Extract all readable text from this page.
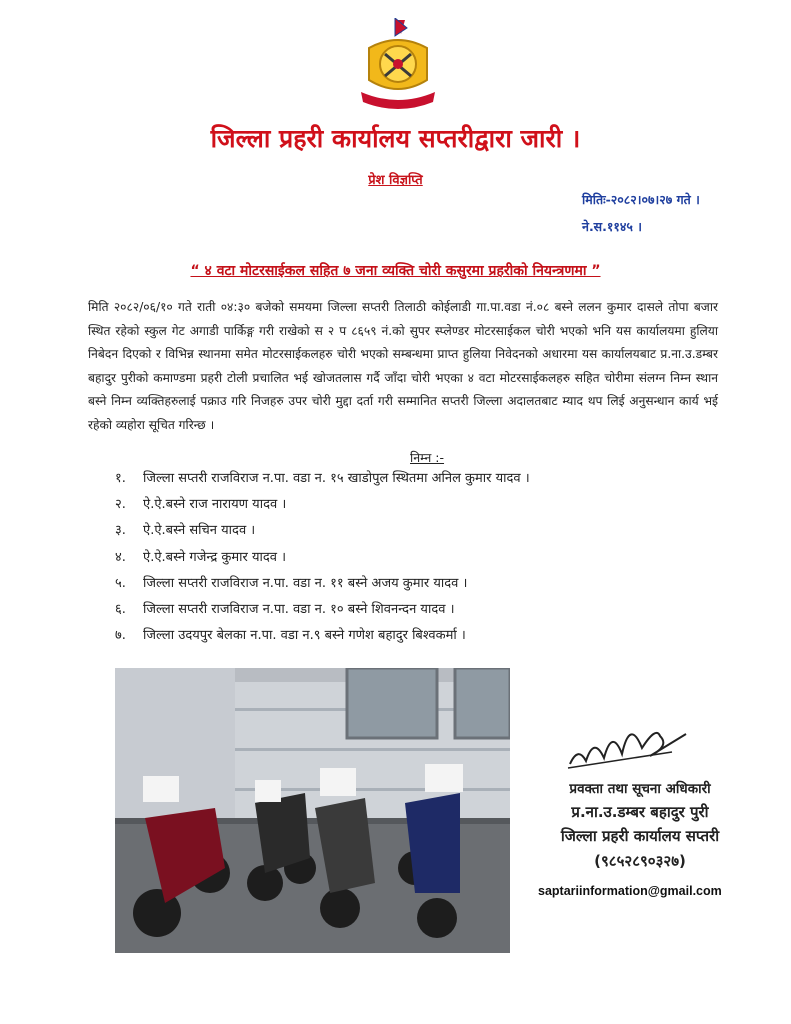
जिल्ला प्रहरी कार्यालय सप्तरीद्वारा जारी ।
प्रेश विज्ञप्ति
मितिः-२०८२।०७।२७ गते ।
ने.स.११४५ ।
“ ४ वटा मोटरसाईकल सहित ७ जना व्यक्ति चोरी कसुरमा प्रहरीको नियन्त्रणमा ”
मिति २०८२/०६/१० गते राती ०४:३० बजेको समयमा जिल्ला सप्तरी तिलाठी कोईलाडी गा.पा.वडा नं.०८ बस्ने ललन कुमार दासले तोपा बजार स्थित रहेको स्कुल गेट अगाडी पार्किङ्ग गरी राखेको स २ प ८६५९ नं.को सुपर स्प्लेण्डर मोटरसाईकल चोरी भएको भनि यस कार्यालयमा हुलिया निबेदन दिएको र विभिन्न स्थानमा समेत मोटरसाईकलहरु चोरी भएको सम्बन्धमा प्राप्त हुलिया निवेदनको अधारमा यस कार्यालयबाट प्र.ना.उ.डम्बर बहादुर पुरीको कमाण्डमा प्रहरी टोली प्रचालित भई खोजतलास गर्दै जाँदा चोरी भएका ४ वटा मोटरसाईकलहरु सहित चोरीमा संलग्न निम्न स्थान बस्ने निम्न व्यक्तिहरुलाई पक्राउ गरि निजहरु उपर चोरी मुद्दा दर्ता गरी सम्मानित सप्तरी जिल्ला अदालतबाट म्याद थप लिई अनुसन्धान कार्य भई रहेको व्यहोरा सूचित गरिन्छ ।
निम्न :-
१.	जिल्ला सप्तरी राजविराज न.पा. वडा न. १५ खाडोपुल स्थितमा अनिल कुमार यादव ।
२.	ऐ.ऐ.बस्ने राज नारायण यादव ।
३.	ऐ.ऐ.बस्ने सचिन यादव ।
४.	ऐ.ऐ.बस्ने गजेन्द्र कुमार यादव ।
५.	जिल्ला सप्तरी राजविराज न.पा. वडा न. ११ बस्ने अजय कुमार यादव ।
६.	जिल्ला सप्तरी राजविराज न.पा. वडा न. १० बस्ने शिवनन्दन यादव ।
७.	जिल्ला उदयपुर बेलका न.पा. वडा न.९ बस्ने गणेश बहादुर बिश्वकर्मा ।
प्रवक्ता तथा सूचना अधिकारी
प्र.ना.उ.डम्बर बहादुर पुरी
जिल्ला प्रहरी कार्यालय सप्तरी
(९८५२८९०३२७)
saptariinformation@gmail.com
